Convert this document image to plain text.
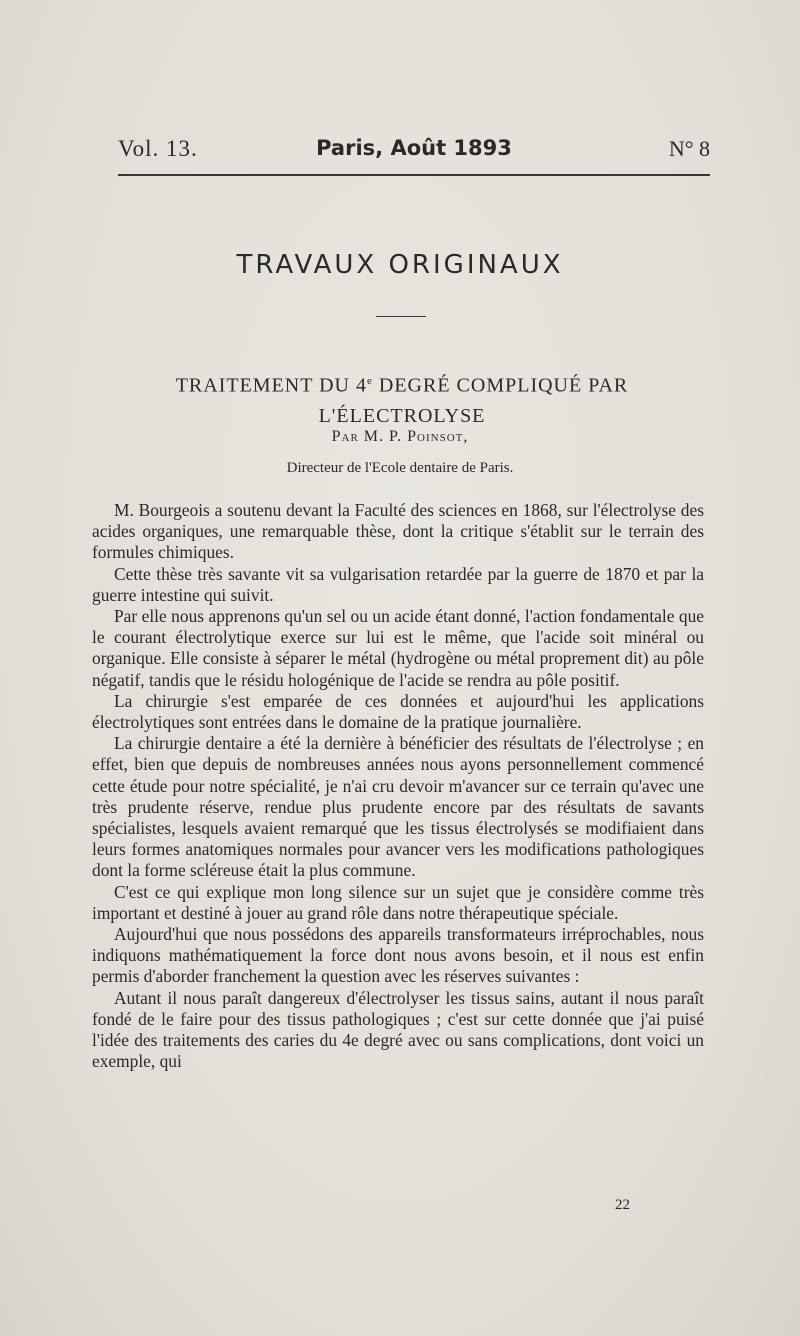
Vol. 13.	Paris, Août 1893	N° 8
TRAVAUX ORIGINAUX
TRAITEMENT DU 4e DEGRÉ COMPLIQUÉ PAR
L'ÉLECTROLYSE
Par M. P. Poinsot,
Directeur de l'Ecole dentaire de Paris.

M. Bourgeois a soutenu devant la Faculté des sciences en 1868, sur l'électrolyse des acides organiques, une remarquable thèse, dont la critique s'établit sur le terrain des formules chimiques.

Cette thèse très savante vit sa vulgarisation retardée par la guerre de 1870 et par la guerre intestine qui suivit.

Par elle nous apprenons qu'un sel ou un acide étant donné, l'action fondamentale que le courant électrolytique exerce sur lui est le même, que l'acide soit minéral ou organique. Elle consiste à séparer le métal (hydrogène ou métal proprement dit) au pôle négatif, tandis que le résidu hologénique de l'acide se rendra au pôle positif.

La chirurgie s'est emparée de ces données et aujourd'hui les applications électrolytiques sont entrées dans le domaine de la pratique journalière.

La chirurgie dentaire a été la dernière à bénéficier des résultats de l'électrolyse ; en effet, bien que depuis de nombreuses années nous ayons personnellement commencé cette étude pour notre spécialité, je n'ai cru devoir m'avancer sur ce terrain qu'avec une très prudente réserve, rendue plus prudente encore par des résultats de savants spécialistes, lesquels avaient remarqué que les tissus électrolysés se modifiaient dans leurs formes anatomiques normales pour avancer vers les modifications pathologiques dont la forme scléreuse était la plus commune.

C'est ce qui explique mon long silence sur un sujet que je considère comme très important et destiné à jouer au grand rôle dans notre thérapeutique spéciale.

Aujourd'hui que nous possédons des appareils transformateurs irréprochables, nous indiquons mathématiquement la force dont nous avons besoin, et il nous est enfin permis d'aborder franchement la question avec les réserves suivantes :

Autant il nous paraît dangereux d'électrolyser les tissus sains, autant il nous paraît fondé de le faire pour des tissus pathologiques ; c'est sur cette donnée que j'ai puisé l'idée des traitements des caries du 4e degré avec ou sans complications, dont voici un exemple, qui

22
